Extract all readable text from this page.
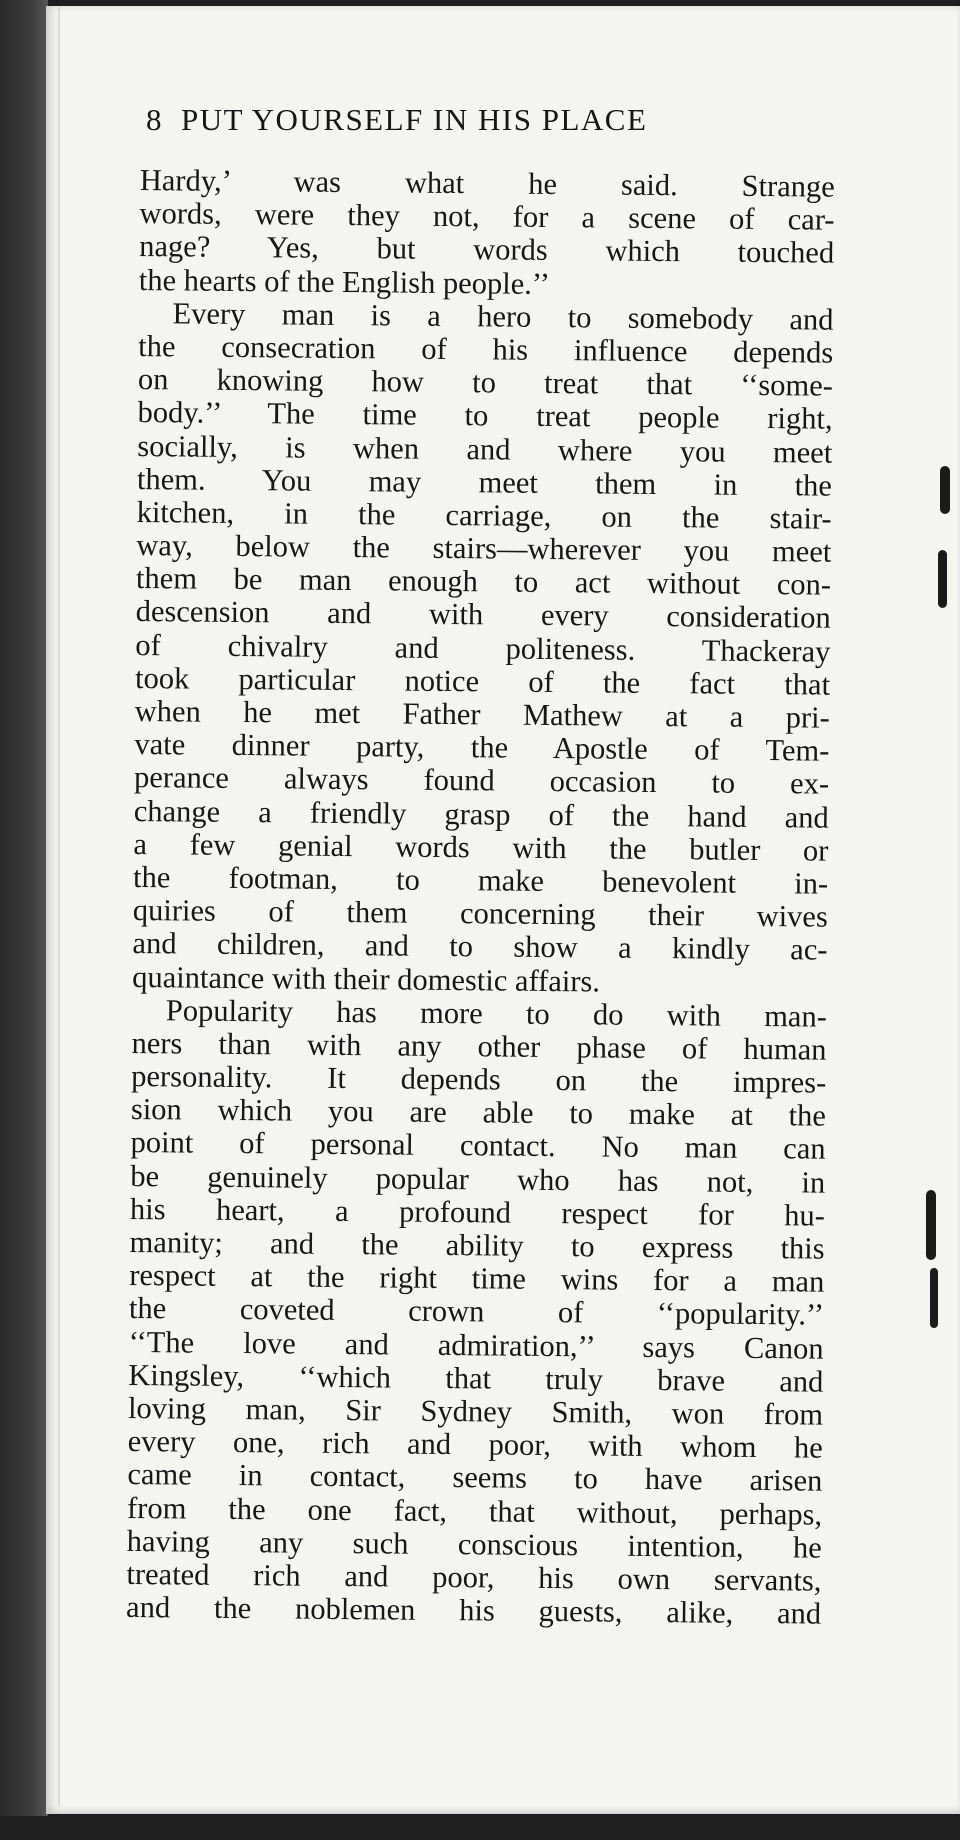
8 PUT YOURSELF IN HIS PLACE
Hardy,’ was what he said. Strange
words, were they not, for a scene of car-
nage? Yes, but words which touched
the hearts of the English people.’’
Every man is a hero to somebody and
the consecration of his influence depends
on knowing how to treat that ‘‘some-
body.’’ The time to treat people right,
socially, is when and where you meet
them. You may meet them in the
kitchen, in the carriage, on the stair-
way, below the stairs—wherever you meet
them be man enough to act without con-
descension and with every consideration
of chivalry and politeness. Thackeray
took particular notice of the fact that
when he met Father Mathew at a pri-
vate dinner party, the Apostle of Tem-
perance always found occasion to ex-
change a friendly grasp of the hand and
a few genial words with the butler or
the footman, to make benevolent in-
quiries of them concerning their wives
and children, and to show a kindly ac-
quaintance with their domestic affairs.
Popularity has more to do with man-
ners than with any other phase of human
personality. It depends on the impres-
sion which you are able to make at the
point of personal contact. No man can
be genuinely popular who has not, in
his heart, a profound respect for hu-
manity; and the ability to express this
respect at the right time wins for a man
the coveted crown of ‘‘popularity.’’
‘‘The love and admiration,’’ says Canon
Kingsley, ‘‘which that truly brave and
loving man, Sir Sydney Smith, won from
every one, rich and poor, with whom he
came in contact, seems to have arisen
from the one fact, that without, perhaps,
having any such conscious intention, he
treated rich and poor, his own servants,
and the noblemen his guests, alike, and
